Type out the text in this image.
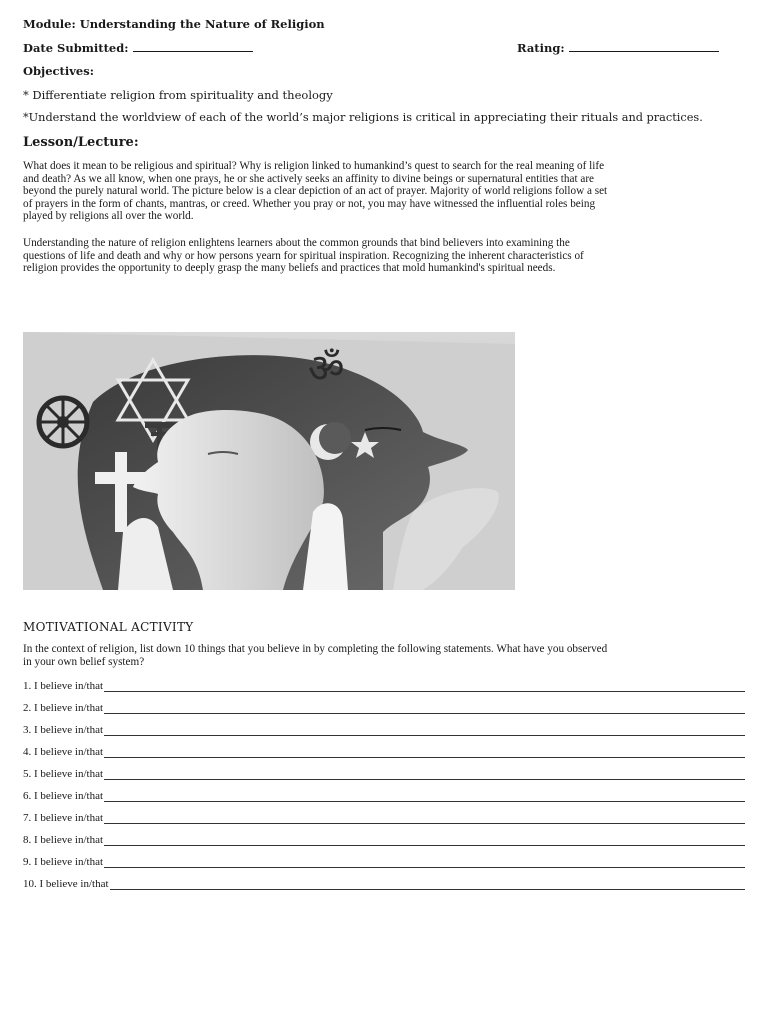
Module: Understanding the Nature of Religion
Date Submitted:	Rating:
Objectives:
* Differentiate religion from spirituality and theology
*Understand the worldview of each of the world’s major religions is critical in appreciating their rituals and practices.
Lesson/Lecture:
What does it mean to be religious and spiritual? Why is religion linked to humankind’s quest to search for the real meaning of life
and death? As we all know, when one prays, he or she actively seeks an affinity to divine beings or supernatural entities that are
beyond the purely natural world. The picture below is a clear depiction of an act of prayer. Majority of world religions follow a set
of prayers in the form of chants, mantras, or creed. Whether you pray or not, you may have witnessed the influential roles being
played by religions all over the world.
Understanding the nature of religion enlightens learners about the common grounds that bind believers into examining the
questions of life and death and why or how persons yearn for spiritual inspiration. Recognizing the inherent characteristics of
religion provides the opportunity to deeply grasp the many beliefs and practices that mold humankind's spiritual needs.
ॐ
MOTIVATIONAL ACTIVITY
In the context of religion, list down 10 things that you believe in by completing the following statements. What have you observed
in your own belief system?
1. I believe in/that
2. I believe in/that
3. I believe in/that
4. I believe in/that
5. I believe in/that
6. I believe in/that
7. I believe in/that
8. I believe in/that
9. I believe in/that
10. I believe in/that
